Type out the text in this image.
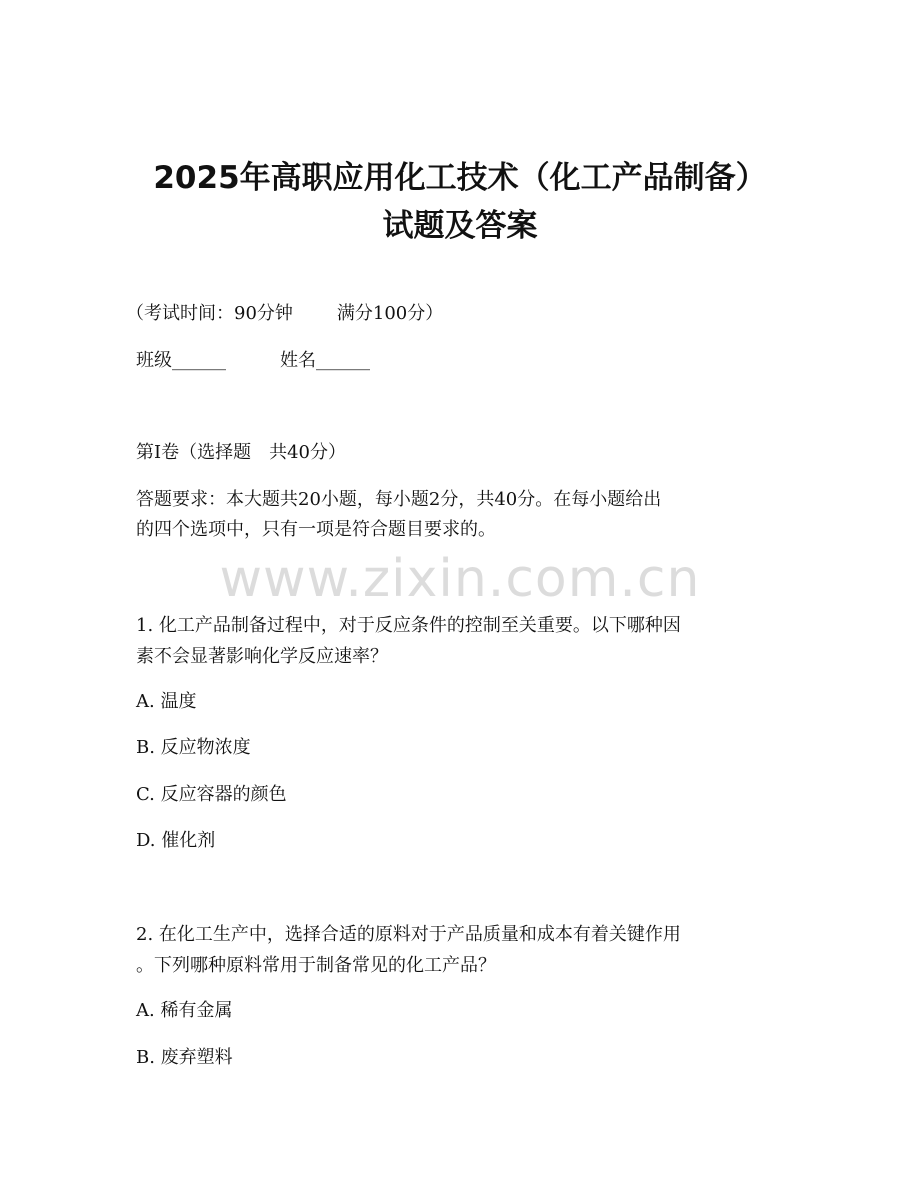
2025年高职应用化工技术（化工产品制备）
试题及答案
（考试时间：90分钟 满分100分）
班级______	姓名______
第Ⅰ卷（选择题　共40分）
答题要求：本大题共20小题，每小题2分，共40分。在每小题给出
的四个选项中，只有一项是符合题目要求的。
www.zixin.com.cn
1. 化工产品制备过程中，对于反应条件的控制至关重要。以下哪种因
素不会显著影响化学反应速率？
A. 温度
B. 反应物浓度
C. 反应容器的颜色
D. 催化剂
2. 在化工生产中，选择合适的原料对于产品质量和成本有着关键作用
。下列哪种原料常用于制备常见的化工产品？
A. 稀有金属
B. 废弃塑料
